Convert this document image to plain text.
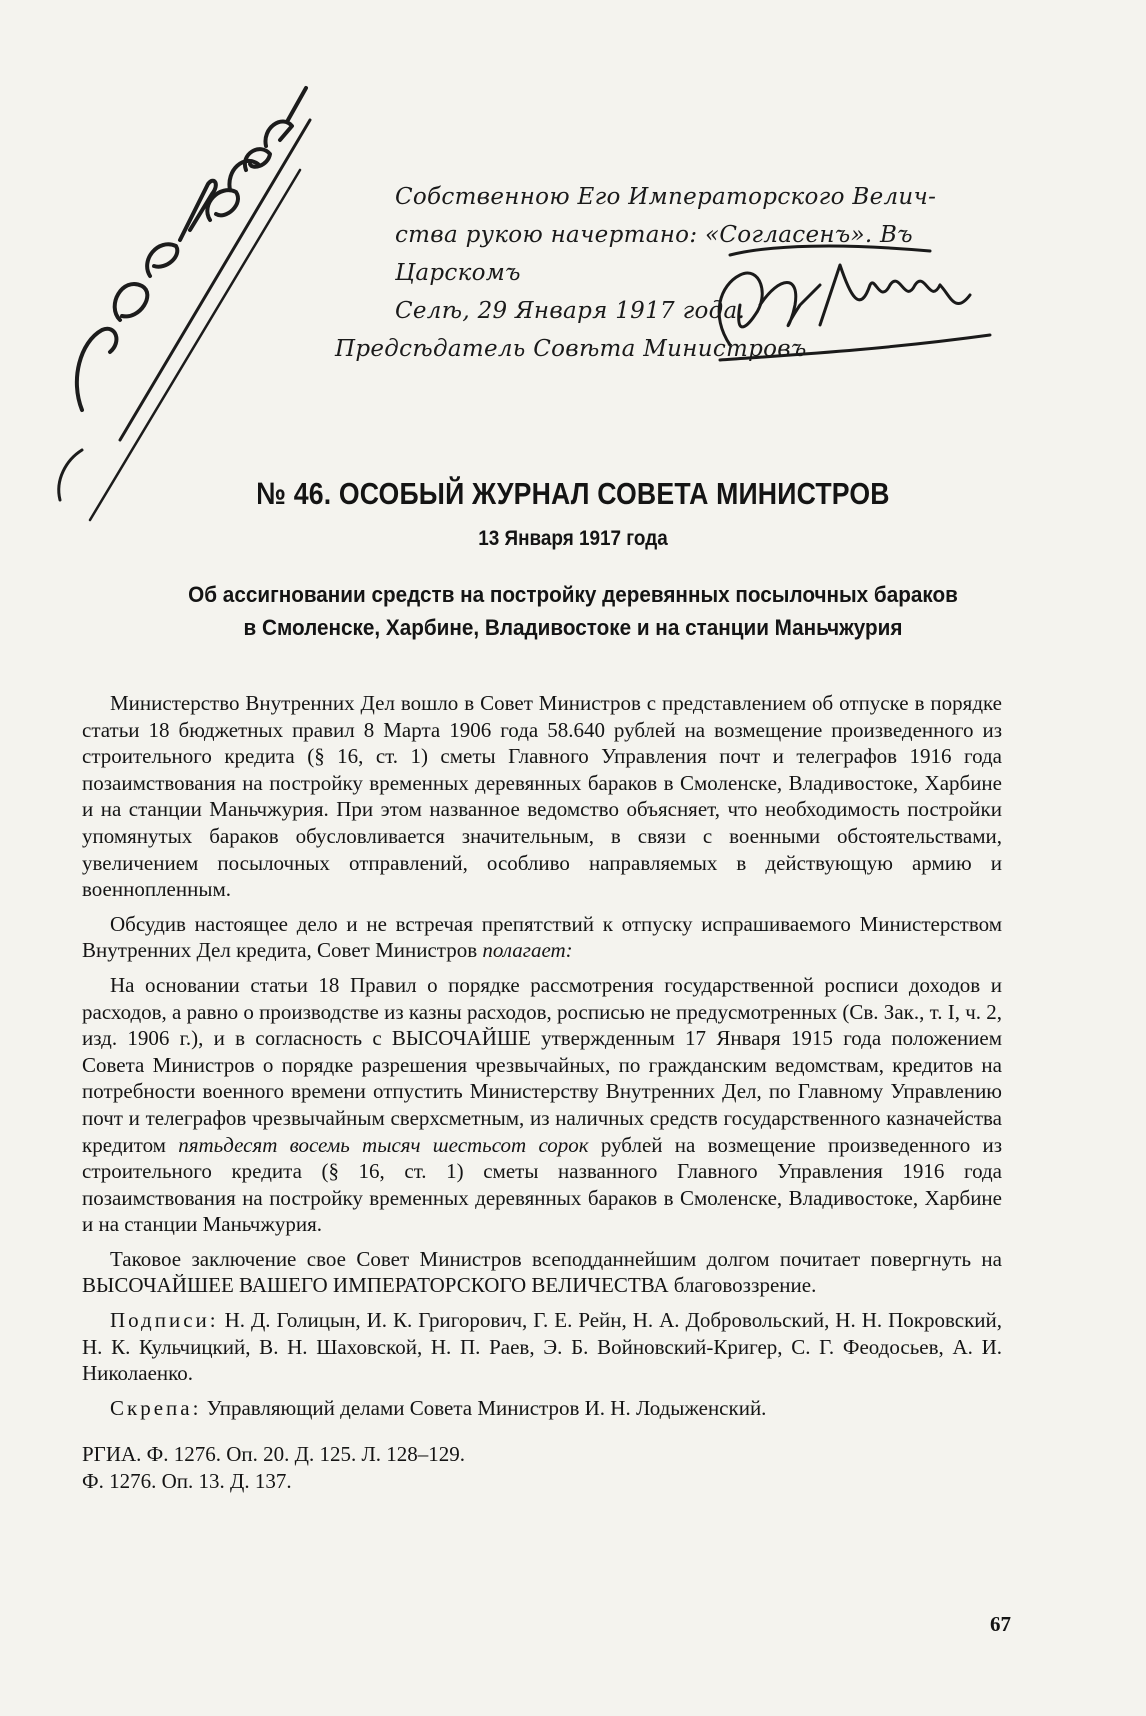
Собственною Его Императорского Велич-

ства рукою начертано: «Согласенъ». Въ Царскомъ

Селѣ, 29 Января 1917 года.

Предсѣдатель Совѣта Министровъ

№ 46. ОСОБЫЙ ЖУРНАЛ СОВЕТА МИНИСТРОВ
13 Января 1917 года
Об ассигновании средств на постройку деревянных посылочных бараков
в Смоленске, Харбине, Владивостоке и на станции Маньчжурия

Министерство Внутренних Дел вошло в Совет Министров с представлением об отпуске в порядке статьи 18 бюджетных правил 8 Марта 1906 года 58.640 рублей на возмещение произведенного из строительного кредита (§ 16, ст. 1) сметы Главного Управления почт и телеграфов 1916 года позаимствования на постройку временных деревянных бараков в Смоленске, Владивостоке, Харбине и на станции Маньчжурия. При этом названное ведомство объясняет, что необходимость постройки упомянутых бараков обусловливается значительным, в связи с военными обстоятельствами, увеличением посылочных отправлений, особливо направляемых в действующую армию и военнопленным.

Обсудив настоящее дело и не встречая препятствий к отпуску испрашиваемого Министерством Внутренних Дел кредита, Совет Министров полагает:

На основании статьи 18 Правил о порядке рассмотрения государственной росписи доходов и расходов, а равно о производстве из казны расходов, росписью не предусмотренных (Св. Зак., т. I, ч. 2, изд. 1906 г.), и в согласность с ВЫСОЧАЙШЕ утвержденным 17 Января 1915 года положением Совета Министров о порядке разрешения чрезвычайных, по гражданским ведомствам, кредитов на потребности военного времени отпустить Министерству Внутренних Дел, по Главному Управлению почт и телеграфов чрезвычайным сверхсметным, из наличных средств государственного казначейства кредитом пятьдесят восемь тысяч шестьсот сорок рублей на возмещение произведенного из строительного кредита (§ 16, ст. 1) сметы названного Главного Управления 1916 года позаимствования на постройку временных деревянных бараков в Смоленске, Владивостоке, Харбине и на станции Маньчжурия.

Таковое заключение свое Совет Министров всеподданнейшим долгом почитает повергнуть на ВЫСОЧАЙШЕЕ ВАШЕГО ИМПЕРАТОРСКОГО ВЕЛИЧЕСТВА благовоззрение.

Подписи: Н. Д. Голицын, И. К. Григорович, Г. Е. Рейн, Н. А. Добровольский, Н. Н. Покровский, Н. К. Кульчицкий, В. Н. Шаховской, Н. П. Раев, Э. Б. Войновский-Кригер, С. Г. Феодосьев, А. И. Николаенко.

Скрепа: Управляющий делами Совета Министров И. Н. Лодыженский.

РГИА. Ф. 1276. Оп. 20. Д. 125. Л. 128–129.
Ф. 1276. Оп. 13. Д. 137.
67
